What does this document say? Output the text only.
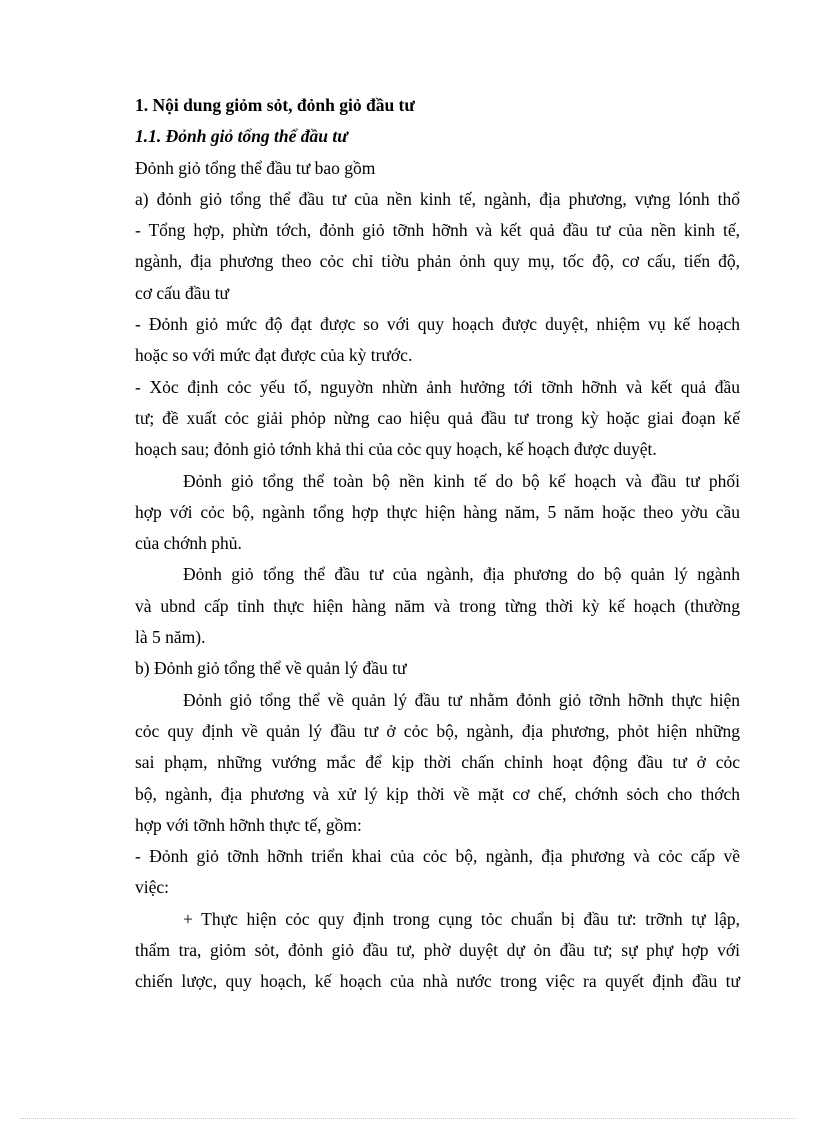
1. Nội dung giỏm sỏt, đỏnh giỏ đầu tư
1.1. Đỏnh giỏ tổng thể đầu tư
Đỏnh giỏ tổng thể đầu tư bao gồm
a) đỏnh giỏ tổng thể đầu tư của nền kinh tế, ngành, địa phương, vựng lónh thổ
- Tổng hợp, phừn tớch, đỏnh giỏ tỡnh hỡnh và kết quả đầu tư của nền kinh tế,
ngành, địa phương theo cỏc chỉ tiờu phản ỏnh quy mụ, tốc độ, cơ cấu, tiến độ,
cơ cấu đầu tư
- Đỏnh giỏ mức độ đạt được so với quy hoạch được duyệt, nhiệm vụ kế hoạch
hoặc so với mức đạt được của kỳ trước.
- Xỏc định cỏc yếu tố, nguyờn nhừn ảnh hưởng tới tỡnh hỡnh và kết quả đầu
tư; đề xuất cỏc giải phỏp nừng cao hiệu quả đầu tư trong kỳ hoặc giai đoạn kế
hoạch sau; đỏnh giỏ tớnh khả thi của cỏc quy hoạch, kế hoạch được duyệt.
Đỏnh giỏ tổng thể toàn bộ nền kinh tế do bộ kế hoạch và đầu tư phối
hợp với cỏc bộ, ngành tổng hợp thực hiện hàng năm, 5 năm hoặc theo yờu cầu
của chớnh phủ.
Đỏnh giỏ tổng thể đầu tư của ngành, địa phương do bộ quản lý ngành
và ubnd cấp tỉnh thực hiện hàng năm và trong từng thời kỳ kế hoạch (thường
là 5 năm).
b) Đỏnh giỏ tổng thể về quản lý đầu tư
Đỏnh giỏ tổng thể về quản lý đầu tư nhằm đỏnh giỏ tỡnh hỡnh thực hiện
cỏc quy định về quản lý đầu tư ở cỏc bộ, ngành, địa phương, phỏt hiện những
sai phạm, những vướng mắc để kịp thời chấn chỉnh hoạt động đầu tư ở cỏc
bộ, ngành, địa phương và xử lý kịp thời về mặt cơ chế, chớnh sỏch cho thớch
hợp với tỡnh hỡnh thực tế, gồm:
- Đỏnh giỏ tỡnh hỡnh triển khai của cỏc bộ, ngành, địa phương và cỏc cấp về
việc:
+ Thực hiện cỏc quy định trong cụng tỏc chuẩn bị đầu tư: trỡnh tự lập,
thẩm tra, giỏm sỏt, đỏnh giỏ đầu tư, phờ duyệt dự ỏn đầu tư; sự phự hợp với
chiến lược, quy hoạch, kế hoạch của nhà nước trong việc ra quyết định đầu tư
